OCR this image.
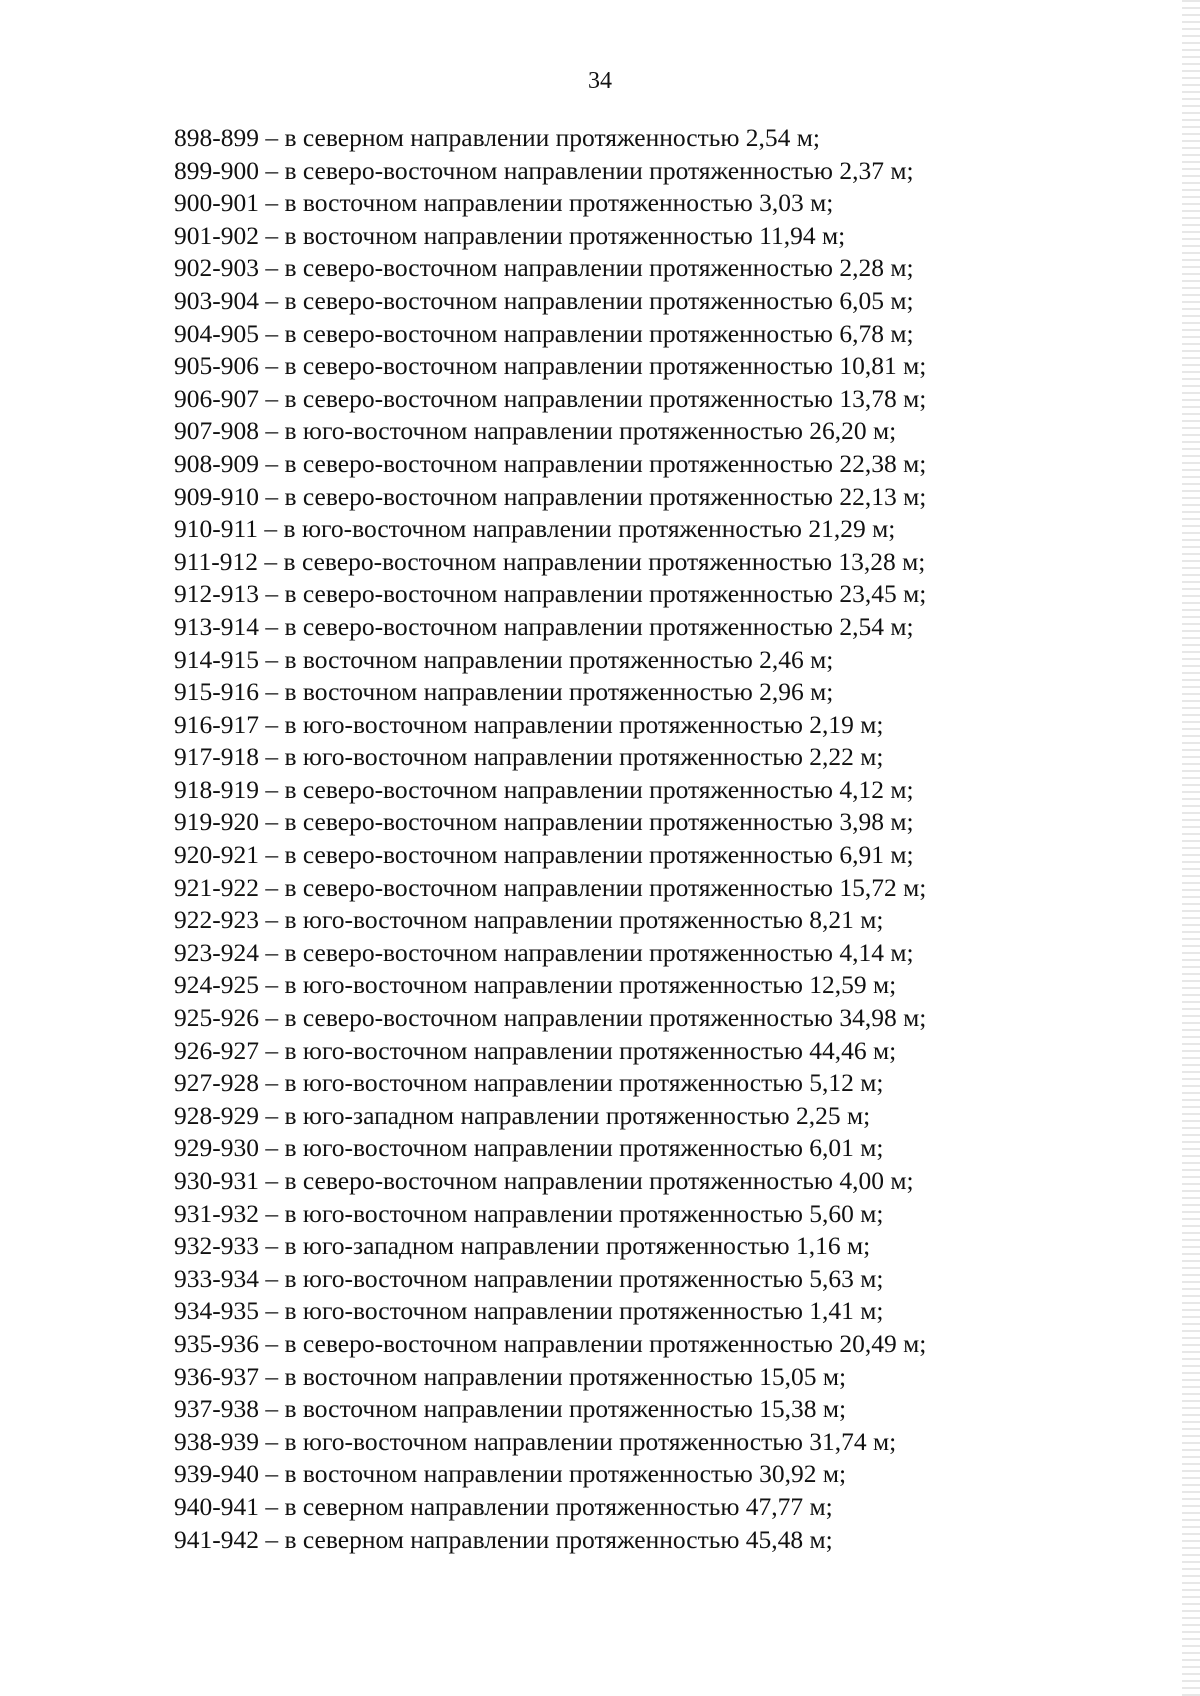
34
898-899 – в северном направлении протяженностью 2,54 м;
899-900 – в северо-восточном направлении протяженностью 2,37 м;
900-901 – в восточном направлении протяженностью 3,03 м;
901-902 – в восточном направлении протяженностью 11,94 м;
902-903 – в северо-восточном направлении протяженностью 2,28 м;
903-904 – в северо-восточном направлении протяженностью 6,05 м;
904-905 – в северо-восточном направлении протяженностью 6,78 м;
905-906 – в северо-восточном направлении протяженностью 10,81 м;
906-907 – в северо-восточном направлении протяженностью 13,78 м;
907-908 – в юго-восточном направлении протяженностью 26,20 м;
908-909 – в северо-восточном направлении протяженностью 22,38 м;
909-910 – в северо-восточном направлении протяженностью 22,13 м;
910-911 – в юго-восточном направлении протяженностью 21,29 м;
911-912 – в северо-восточном направлении протяженностью 13,28 м;
912-913 – в северо-восточном направлении протяженностью 23,45 м;
913-914 – в северо-восточном направлении протяженностью 2,54 м;
914-915 – в восточном направлении протяженностью 2,46 м;
915-916 – в восточном направлении протяженностью 2,96 м;
916-917 – в юго-восточном направлении протяженностью 2,19 м;
917-918 – в юго-восточном направлении протяженностью 2,22 м;
918-919 – в северо-восточном направлении протяженностью 4,12 м;
919-920 – в северо-восточном направлении протяженностью 3,98 м;
920-921 – в северо-восточном направлении протяженностью 6,91 м;
921-922 – в северо-восточном направлении протяженностью 15,72 м;
922-923 – в юго-восточном направлении протяженностью 8,21 м;
923-924 – в северо-восточном направлении протяженностью 4,14 м;
924-925 – в юго-восточном направлении протяженностью 12,59 м;
925-926 – в северо-восточном направлении протяженностью 34,98 м;
926-927 – в юго-восточном направлении протяженностью 44,46 м;
927-928 – в юго-восточном направлении протяженностью 5,12 м;
928-929 – в юго-западном направлении протяженностью 2,25 м;
929-930 – в юго-восточном направлении протяженностью 6,01 м;
930-931 – в северо-восточном направлении протяженностью 4,00 м;
931-932 – в юго-восточном направлении протяженностью 5,60 м;
932-933 – в юго-западном направлении протяженностью 1,16 м;
933-934 – в юго-восточном направлении протяженностью 5,63 м;
934-935 – в юго-восточном направлении протяженностью 1,41 м;
935-936 – в северо-восточном направлении протяженностью 20,49 м;
936-937 – в восточном направлении протяженностью 15,05 м;
937-938 – в восточном направлении протяженностью 15,38 м;
938-939 – в юго-восточном направлении протяженностью 31,74 м;
939-940 – в восточном направлении протяженностью 30,92 м;
940-941 – в северном направлении протяженностью 47,77 м;
941-942 – в северном направлении протяженностью 45,48 м;
